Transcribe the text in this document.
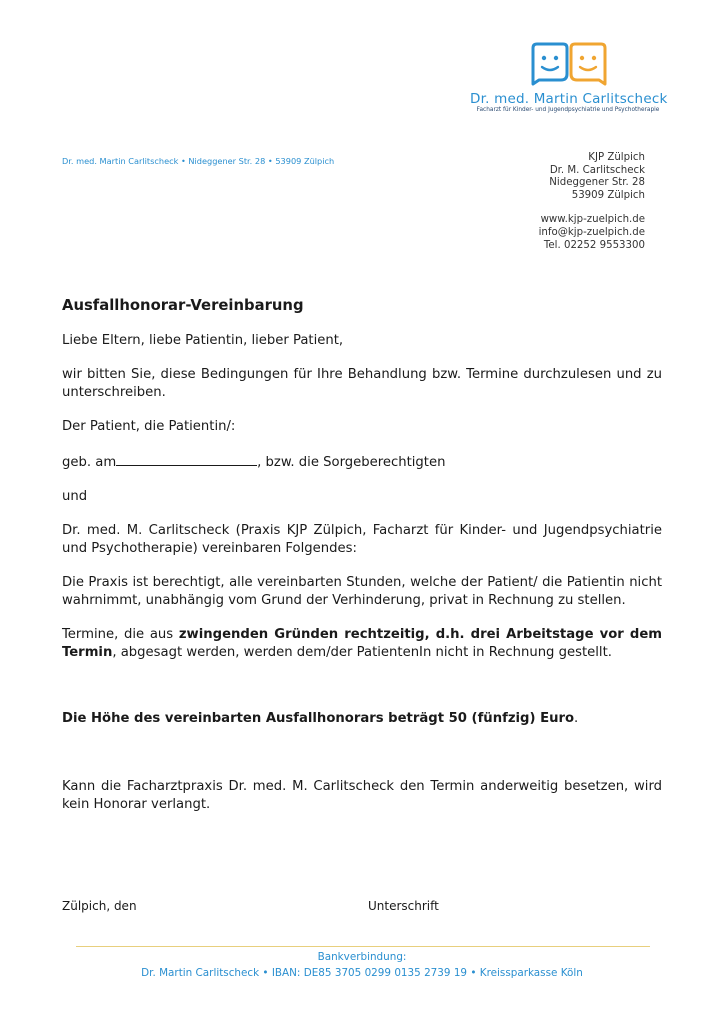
Dr. med. Martin Carlitscheck
Facharzt für Kinder- und Jugendpsychiatrie und Psychotherapie
Dr. med. Martin Carlitscheck • Nideggener Str. 28 • 53909 Zülpich	KJP Zülpich
Dr. M. Carlitscheck
Nideggener Str. 28
53909 Zülpich
www.kjp-zuelpich.de
info@kjp-zuelpich.de
Tel. 02252 9553300

Ausfallhonorar-Vereinbarung

Liebe Eltern, liebe Patientin, lieber Patient,

wir bitten Sie, diese Bedingungen für Ihre Behandlung bzw. Termine durchzulesen und zu unterschreiben.

Der Patient, die Patientin/:

geb. am	, bzw. die Sorgeberechtigten

und

Dr. med. M. Carlitscheck (Praxis KJP Zülpich, Facharzt für Kinder- und Jugendpsychiatrie und Psychotherapie) vereinbaren Folgendes:

Die Praxis ist berechtigt, alle vereinbarten Stunden, welche der Patient/ die Patientin nicht wahrnimmt, unabhängig vom Grund der Verhinderung, privat in Rechnung zu stellen.

Termine, die aus zwingenden Gründen rechtzeitig, d.h. drei Arbeitstage vor dem Termin, abgesagt werden, werden dem/der PatientenIn nicht in Rechnung gestellt.

Die Höhe des vereinbarten Ausfallhonorars beträgt 50 (fünfzig) Euro.

Kann die Facharztpraxis Dr. med. M. Carlitscheck den Termin anderweitig besetzen, wird kein Honorar verlangt.

Zülpich, den	Unterschrift
Bankverbindung:
Dr. Martin Carlitscheck • IBAN: DE85 3705 0299 0135 2739 19 • Kreissparkasse Köln
